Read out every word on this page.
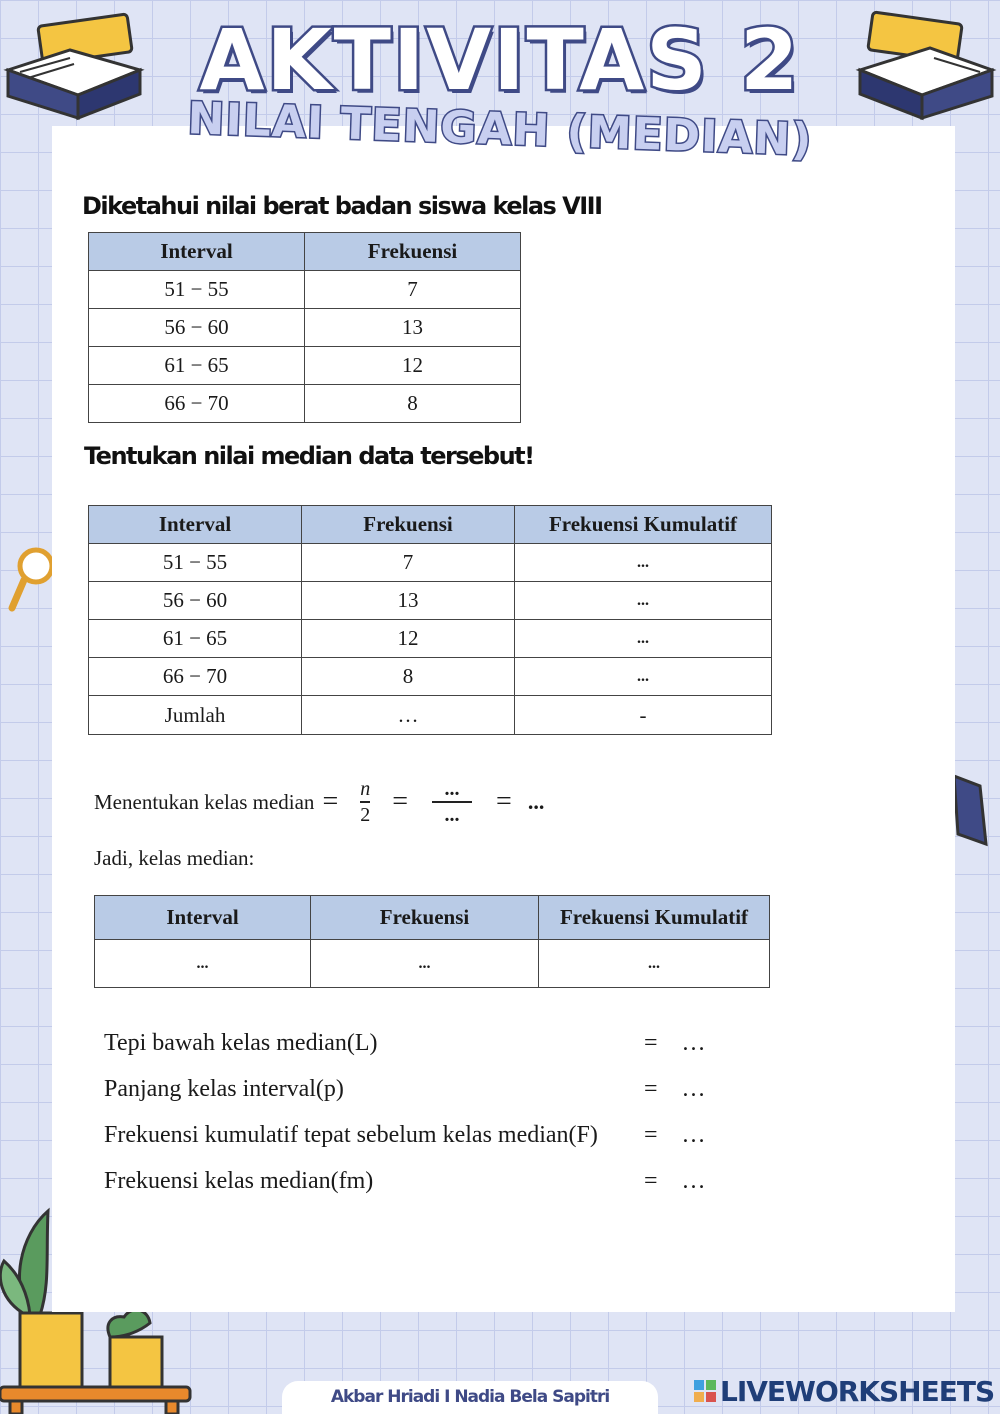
AKTIVITAS 2
NILAI TENGAH (MEDIAN)
Diketahui nilai berat badan siswa kelas VIII
Interval	Frekuensi
51 − 55	7
56 − 60	13
61 − 65	12
66 − 70	8
Tentukan nilai median data tersebut!
Interval	Frekuensi	Frekuensi Kumulatif
51 − 55	7	...
56 − 60	13	...
61 − 65	12	...
66 − 70	8	...
Jumlah	…	-
Menentukan kelas median = $\frac{n}{2} = \frac{...}{...}$ = ...
Jadi, kelas median:
Interval	Frekuensi	Frekuensi Kumulatif
...	...	...
Tepi bawah kelas median(L)	= …
Panjang kelas interval(p)	= …
Frekuensi kumulatif tepat sebelum kelas median(F)	= …
Frekuensi kelas median(fm)	= …
Akbar Hriadi I Nadia Bela Sapitri	LIVEWORKSHEETS
